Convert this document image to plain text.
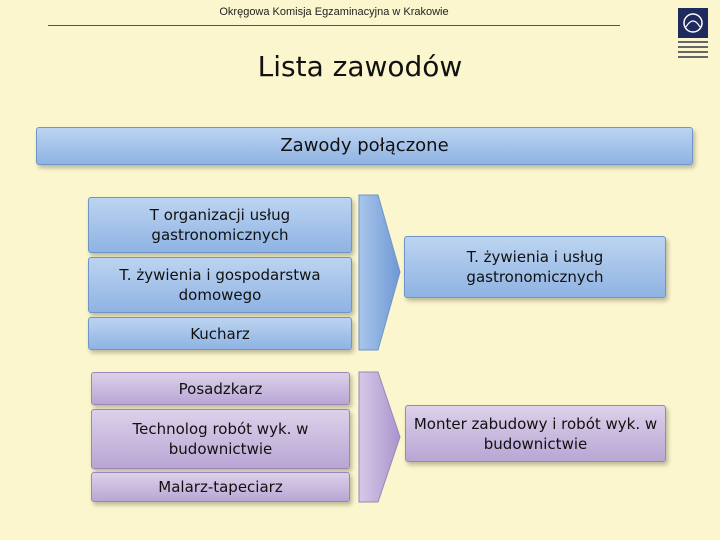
Okręgowa Komisja Egzaminacyjna w Krakowie
Lista zawodów
Zawody połączone
T organizacji usług gastronomicznych
T. żywienia i gospodarstwa domowego
Kucharz
T. żywienia i usług gastronomicznych
Posadzkarz
Technolog robót wyk. w budownictwie
Malarz-tapeciarz
Monter zabudowy i robót wyk. w budownictwie
